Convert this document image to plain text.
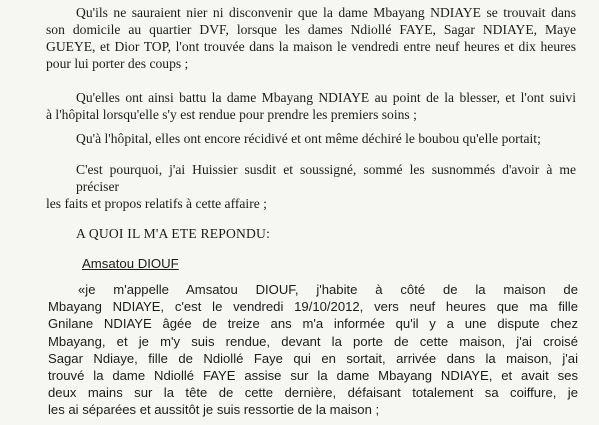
Qu'ils ne sauraient nier ni disconvenir que la dame Mbayang NDIAYE se trouvait dans
son domicile au quartier DVF, lorsque les dames Ndiollé FAYE, Sagar NDIAYE, Maye
GUEYE, et Dior TOP, l'ont trouvée dans la maison le vendredi entre neuf heures et dix heures
pour lui porter des coups ;

Qu'elles ont ainsi battu la dame Mbayang NDIAYE au point de la blesser, et l'ont suivi
à l'hôpital lorsqu'elle s'y est rendue pour prendre les premiers soins ;

Qu'à l'hôpital, elles ont encore récidivé et ont même déchiré le boubou qu'elle portait;

C'est pourquoi, j'ai Huissier susdit et soussigné, sommé les susnommés d'avoir à me préciser
les faits et propos relatifs à cette affaire ;

A QUOI IL M'A ETE REPONDU:

Amsatou DIOUF

«je m'appelle Amsatou DIOUF, j'habite à côté de la maison de
Mbayang NDIAYE, c'est le vendredi 19/10/2012, vers neuf heures que ma fille
Gnilane NDIAYE âgée de treize ans m'a informée qu'il y a une dispute chez
Mbayang, et je m'y suis rendue, devant la porte de cette maison, j'ai croisé
Sagar Ndiaye, fille de Ndiollé Faye qui en sortait, arrivée dans la maison, j'ai
trouvé la dame Ndiollé FAYE assise sur la dame Mbayang NDIAYE, et avait ses
deux mains sur la tête de cette dernière, défaisant totalement sa coiffure, je
les ai séparées et aussitôt je suis ressortie de la maison ;
